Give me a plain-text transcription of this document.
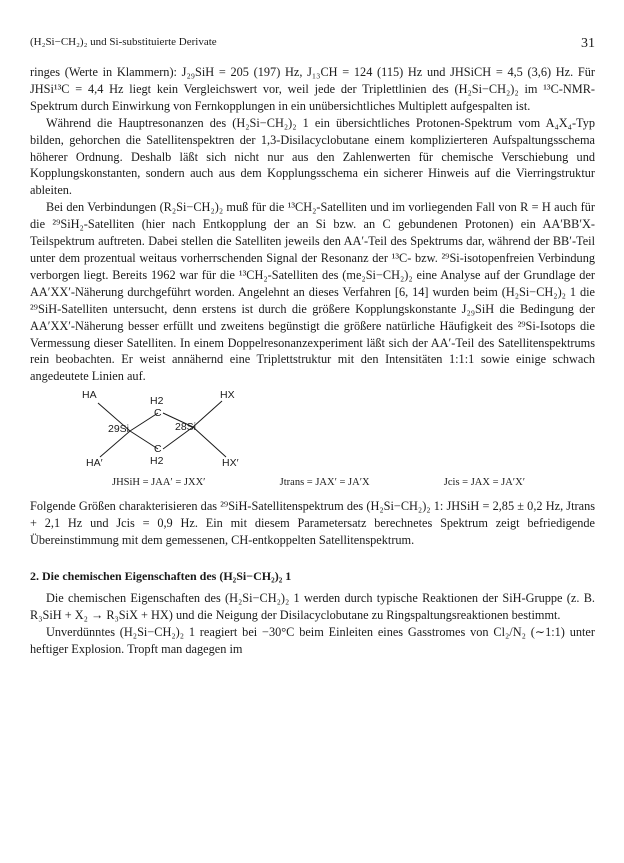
(H₂Si−CH₂)₂ und Si-substituierte Derivate	31

ringes (Werte in Klammern): J₂₉SiH = 205 (197) Hz, J₁₃CH = 124 (115) Hz und JHSiCH = 4,5 (3,6) Hz. Für JHSi¹³C = 4,4 Hz liegt kein Vergleichswert vor, weil jede der Triplettlinien des (H₂Si−CH₂)₂ im ¹³C-NMR-Spektrum durch Einwirkung von Fernkopplungen in ein unübersichtliches Multiplett aufgespalten ist.

Während die Hauptresonanzen des (H₂Si−CH₂)₂ 1 ein übersichtliches Protonen-Spektrum vom A₄X₄-Typ bilden, gehorchen die Satellitenspektren der 1,3-Disilacyclobutane einem komplizierteren Aufspaltungsschema höherer Ordnung. Deshalb läßt sich nicht nur aus den Zahlenwerten für chemische Verschiebung und Kopplungskonstanten, sondern auch aus dem Kopplungsschema ein sicherer Hinweis auf die Vierringstruktur ableiten.

Bei den Verbindungen (R₂Si−CH₂)₂ muß für die ¹³CH₂-Satelliten und im vorliegenden Fall von R = H auch für die ²⁹SiH₂-Satelliten (hier nach Entkopplung der an Si bzw. an C gebundenen Protonen) ein AA′BB′X-Teilspektrum auftreten. Dabei stellen die Satelliten jeweils den AA′-Teil des Spektrums dar, während der BB′-Teil unter dem prozentual weitaus vorherrschenden Signal der Resonanz der ¹³C- bzw. ²⁹Si-isotopenfreien Verbindung verborgen liegt. Bereits 1962 war für die ¹³CH₂-Satelliten des (me₂Si−CH₂)₂ eine Analyse auf der Grundlage der AA′XX′-Näherung durchgeführt worden. Angelehnt an dieses Verfahren [6, 14] wurden beim (H₂Si−CH₂)₂ 1 die ²⁹SiH-Satelliten untersucht, denn erstens ist durch die größere Kopplungskonstante J₂₉SiH die Bedingung der AA′XX′-Näherung besser erfüllt und zweitens begünstigt die größere natürliche Häufigkeit des ²⁹Si-Isotops die Vermessung dieser Satelliten. In einem Doppelresonanzexperiment läßt sich der AA′-Teil des Satellitenspektrums rein beobachten. Er weist annähernd eine Triplettstruktur mit den Intensitäten 1:1:1 sowie einige schwach angedeutete Linien auf.

HA	H2
C
HX
29Si	28Si
C
H2
HA′	HX′
JHSiH = JAA′ = JXX′	Jtrans = JAX′ = JA′X	Jcis = JAX = JA′X′

Folgende Größen charakterisieren das ²⁹SiH-Satellitenspektrum des (H₂Si−CH₂)₂ 1: JHSiH = 2,85 ± 0,2 Hz, Jtrans + 2,1 Hz und Jcis = 0,9 Hz. Ein mit diesem Parametersatz berechnetes Spektrum zeigt befriedigende Übereinstimmung mit dem gemessenen, CH-entkoppelten Satellitenspektrum.

2. Die chemischen Eigenschaften des (H₂Si−CH₂)₂ 1

Die chemischen Eigenschaften des (H₂Si−CH₂)₂ 1 werden durch typische Reaktionen der SiH-Gruppe (z. B. R₃SiH + X₂ → R₃SiX + HX) und die Neigung der Disilacyclobutane zu Ringspaltungsreaktionen bestimmt.

Unverdünntes (H₂Si−CH₂)₂ 1 reagiert bei −30°C beim Einleiten eines Gasstromes von Cl₂/N₂ (∼1:1) unter heftiger Explosion. Tropft man dagegen im
